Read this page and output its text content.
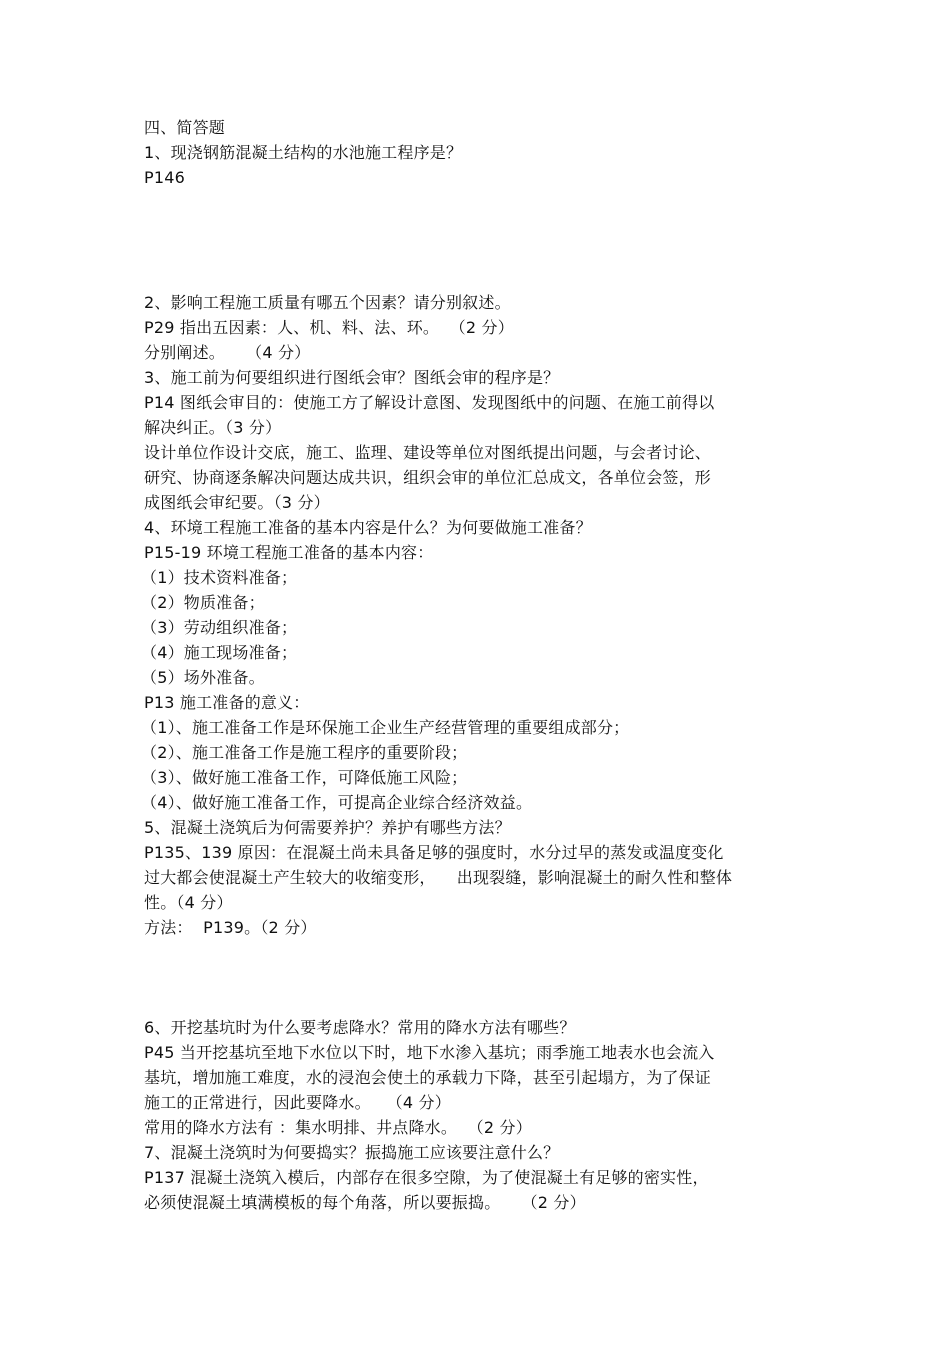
四、简答题
1、现浇钢筋混凝土结构的水池施工程序是？
P146
2、影响工程施工质量有哪五个因素？请分别叙述。
P29 指出五因素：人、机、料、法、环。  （2 分）
分别阐述。    （4 分）
3、施工前为何要组织进行图纸会审？图纸会审的程序是？
P14 图纸会审目的：使施工方了解设计意图、发现图纸中的问题、在施工前得以
解决纠正。（3 分）
设计单位作设计交底，施工、监理、建设等单位对图纸提出问题，与会者讨论、
研究、协商逐条解决问题达成共识，组织会审的单位汇总成文，各单位会签，形
成图纸会审纪要。（3 分）
4、环境工程施工准备的基本内容是什么？为何要做施工准备？
P15-19 环境工程施工准备的基本内容：
（1）技术资料准备；
（2）物质准备；
（3）劳动组织准备；
（4）施工现场准备；
（5）场外准备。
P13 施工准备的意义：
（1）、施工准备工作是环保施工企业生产经营管理的重要组成部分；
（2）、施工准备工作是施工程序的重要阶段；
（3）、做好施工准备工作，可降低施工风险；
（4）、做好施工准备工作，可提高企业综合经济效益。
5、混凝土浇筑后为何需要养护？养护有哪些方法？
P135、139 原因：在混凝土尚未具备足够的强度时，水分过早的蒸发或温度变化
过大都会使混凝土产生较大的收缩变形，    出现裂缝，影响混凝土的耐久性和整体
性。（4 分）
方法：  P139。（2 分）
6、开挖基坑时为什么要考虑降水？常用的降水方法有哪些？
P45 当开挖基坑至地下水位以下时，地下水渗入基坑；雨季施工地表水也会流入
基坑，增加施工难度，水的浸泡会使土的承载力下降，甚至引起塌方，为了保证
施工的正常进行，因此要降水。   （4 分）
常用的降水方法有 ：集水明排、井点降水。  （2 分）
7、混凝土浇筑时为何要捣实？振捣施工应该要注意什么？
P137 混凝土浇筑入模后，内部存在很多空隙，为了使混凝土有足够的密实性，
必须使混凝土填满模板的每个角落，所以要振捣。    （2 分）
